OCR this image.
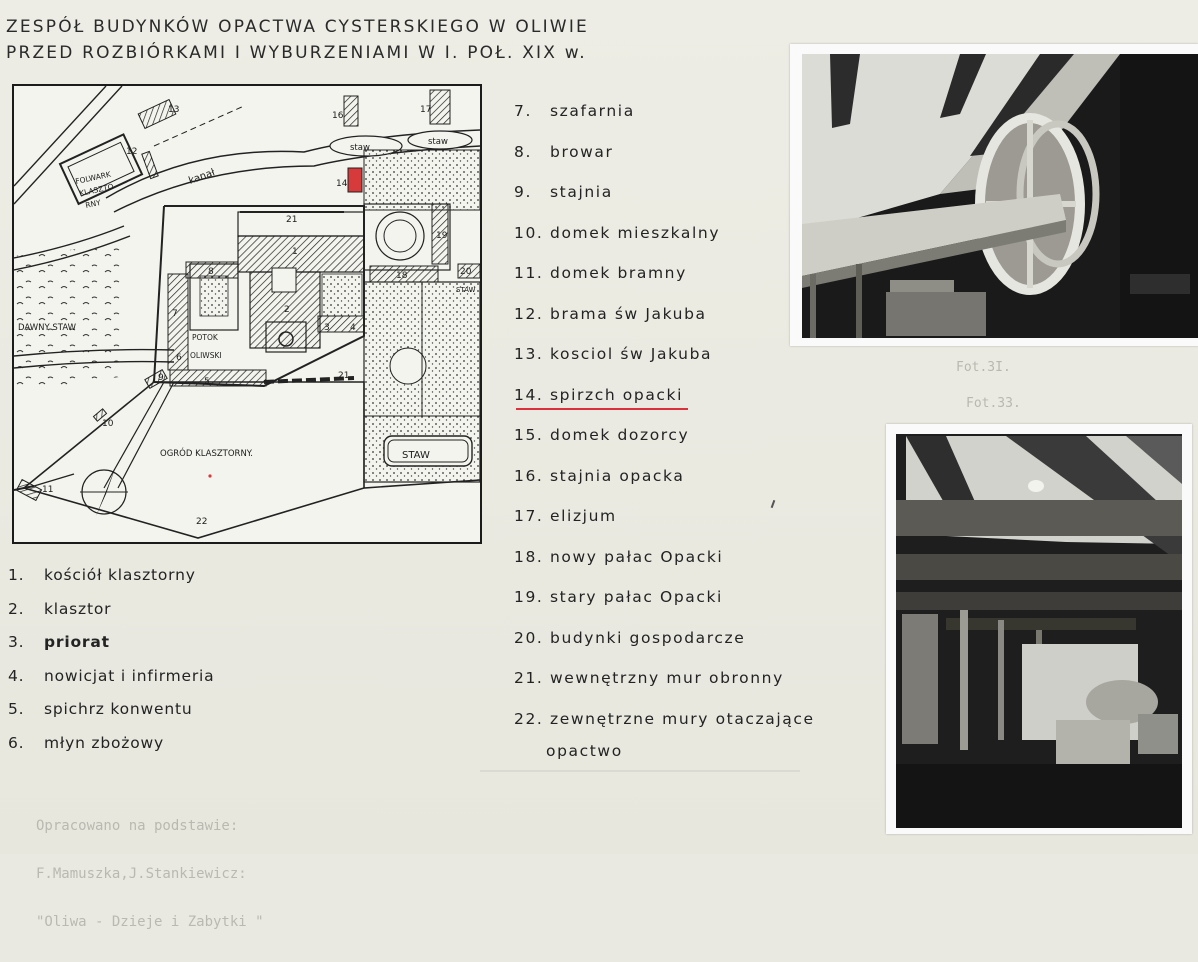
ZESPÓŁ BUDYNKÓW OPACTWA CYSTERSKIEGO W OLIWIE
PRZED ROZBIÓRKAMI I WYBURZENIAMI W I. POŁ. XIX w.
FOLWARK
KLASZTO
RNY
kanał
staw
staw
STAW
STAW
DAWNY STAW
POTOK
OLIWSKI
OGRÓD KLASZTORNY.
1
2
3 4
5
6
7
8
9
10
11
12
13
14
16
17
18
19
20
21
21
22
1. kościół klasztorny
2. klasztor
3. priorat
4. nowicjat i infirmeria
5. spichrz konwentu
6. młyn zbożowy
7. szafarnia
8. browar
9. stajnia
10. domek mieszkalny
11. domek bramny
12. brama św Jakuba
13. kosciol św Jakuba
14. spirzch opacki
15. domek dozorcy
16. stajnia opacka
17. elizjum
18. nowy pałac Opacki
19. stary pałac Opacki
20. budynki gospodarcze
21. wewnętrzny mur obronny
22. zewnętrzne mury otaczające
opactwo
Fot.3I.
Fot.33.

Opracowano na podstawie:

F.Mamuszka,J.Stankiewicz:

"Oliwa - Dzieje i Zabytki "
